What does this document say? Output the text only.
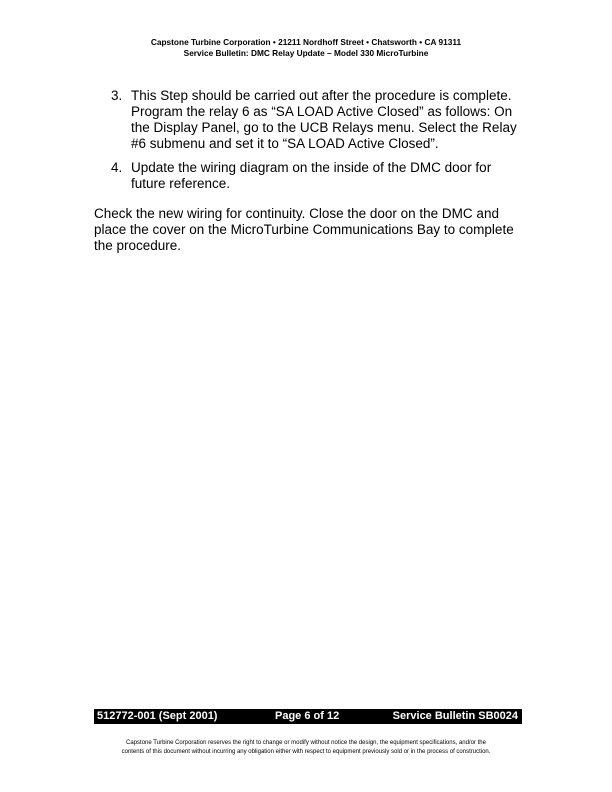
Capstone Turbine Corporation • 21211 Nordhoff Street • Chatsworth • CA 91311
Service Bulletin: DMC Relay Update – Model 330 MicroTurbine
3. This Step should be carried out after the procedure is complete. Program the relay 6 as “SA LOAD Active Closed” as follows: On the Display Panel, go to the UCB Relays menu. Select the Relay #6 submenu and set it to “SA LOAD Active Closed”.
4. Update the wiring diagram on the inside of the DMC door for future reference.

Check the new wiring for continuity. Close the door on the DMC and place the cover on the MicroTurbine Communications Bay to complete the procedure.

512772-001 (Sept 2001)	Page 6 of 12	Service Bulletin SB0024
Capstone Turbine Corporation reserves the right to change or modify without notice the design, the equipment specifications, and/or the
contents of this document without incurring any obligation either with respect to equipment previously sold or in the process of construction.
